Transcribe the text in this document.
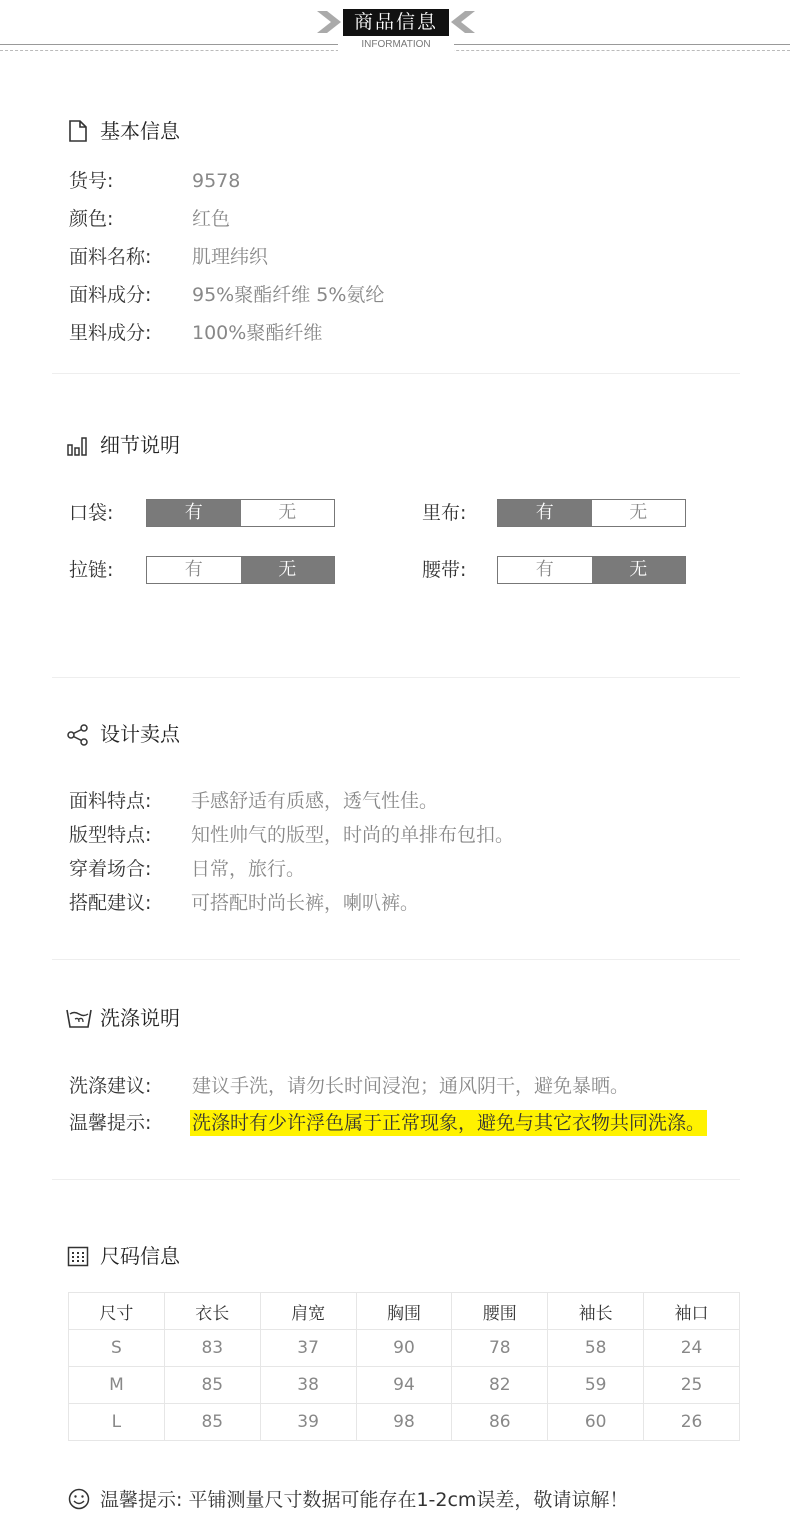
商品信息
INFORMATION
基本信息
货号:	9578
颜色:	红色
面料名称: 肌理纬织
面料成分: 95%聚酯纤维 5%氨纶
里料成分: 100%聚酯纤维
细节说明
口袋:	有	无	里布:	有	无
拉链:	有	无	腰带:	有	无
设计卖点
面料特点: 手感舒适有质感，透气性佳。
版型特点: 知性帅气的版型，时尚的单排布包扣。
穿着场合: 日常，旅行。
搭配建议: 可搭配时尚长裤，喇叭裤。
洗涤说明
洗涤建议: 建议手洗，请勿长时间浸泡；通风阴干，避免暴晒。
温馨提示: 洗涤时有少许浮色属于正常现象，避免与其它衣物共同洗涤。
尺码信息
尺寸	衣长	肩宽	胸围	腰围	袖长	袖口
S	83	37	90	78	58	24
M	85	38	94	82	59	25
L	85	39	98	86	60	26
温馨提示: 平铺测量尺寸数据可能存在1-2cm误差，敬请谅解！
